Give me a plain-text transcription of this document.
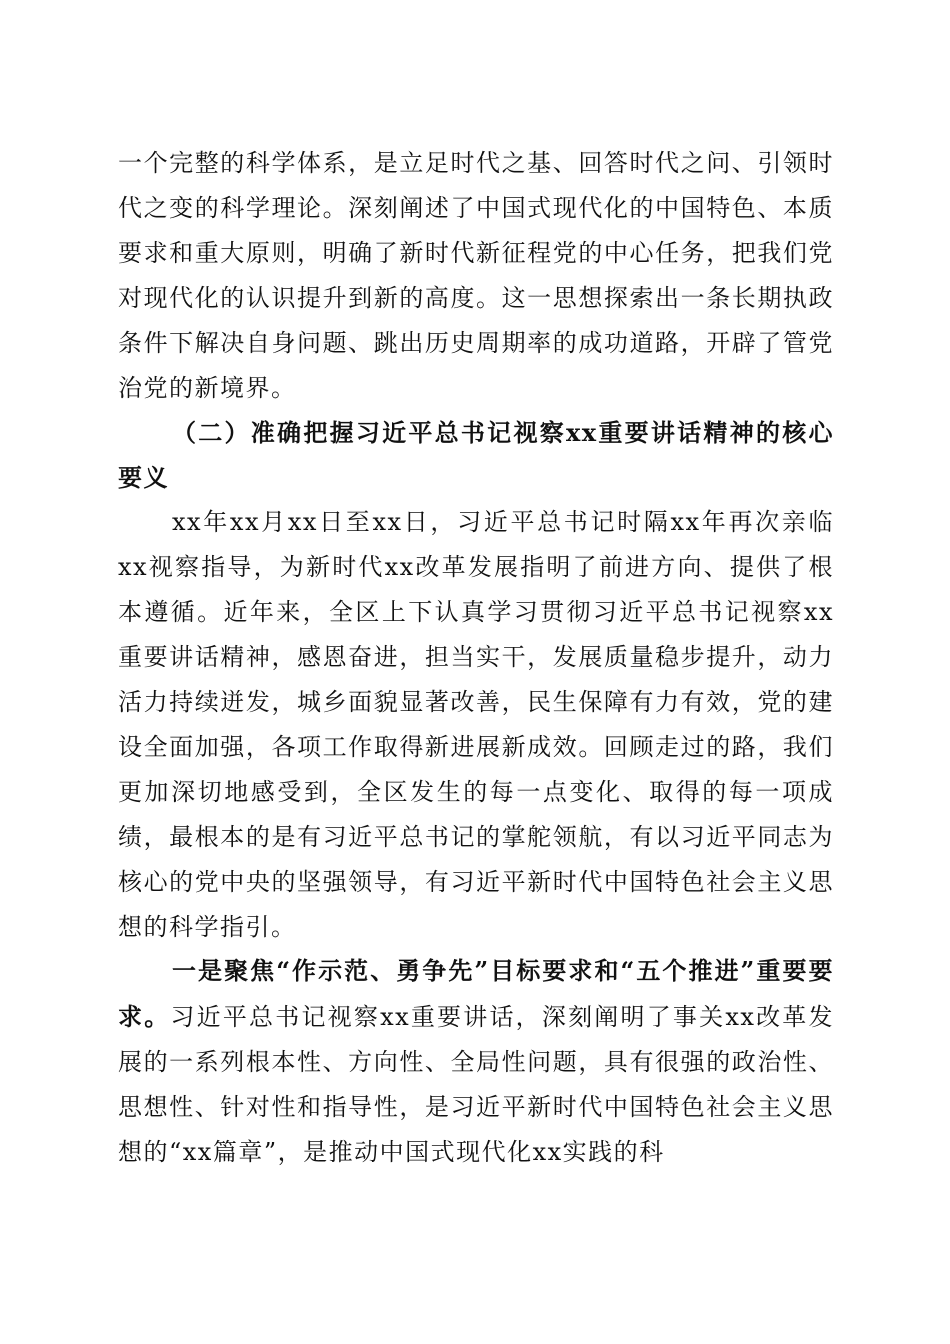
一个完整的科学体系，是立足时代之基、回答时代之问、引领时代之变的科学理论。深刻阐述了中国式现代化的中国特色、本质要求和重大原则，明确了新时代新征程党的中心任务，把我们党对现代化的认识提升到新的高度。这一思想探索出一条长期执政条件下解决自身问题、跳出历史周期率的成功道路，开辟了管党治党的新境界。

（二）准确把握习近平总书记视察xx重要讲话精神的核心要义

xx年xx月xx日至xx日，习近平总书记时隔xx年再次亲临xx视察指导，为新时代xx改革发展指明了前进方向、提供了根本遵循。近年来，全区上下认真学习贯彻习近平总书记视察xx重要讲话精神，感恩奋进，担当实干，发展质量稳步提升，动力活力持续迸发，城乡面貌显著改善，民生保障有力有效，党的建设全面加强，各项工作取得新进展新成效。回顾走过的路，我们更加深切地感受到，全区发生的每一点变化、取得的每一项成绩，最根本的是有习近平总书记的掌舵领航，有以习近平同志为核心的党中央的坚强领导，有习近平新时代中国特色社会主义思想的科学指引。

一是聚焦“作示范、勇争先”目标要求和“五个推进”重要要求。习近平总书记视察xx重要讲话，深刻阐明了事关xx改革发展的一系列根本性、方向性、全局性问题，具有很强的政治性、思想性、针对性和指导性，是习近平新时代中国特色社会主义思想的“xx篇章”，是推动中国式现代化xx实践的科
